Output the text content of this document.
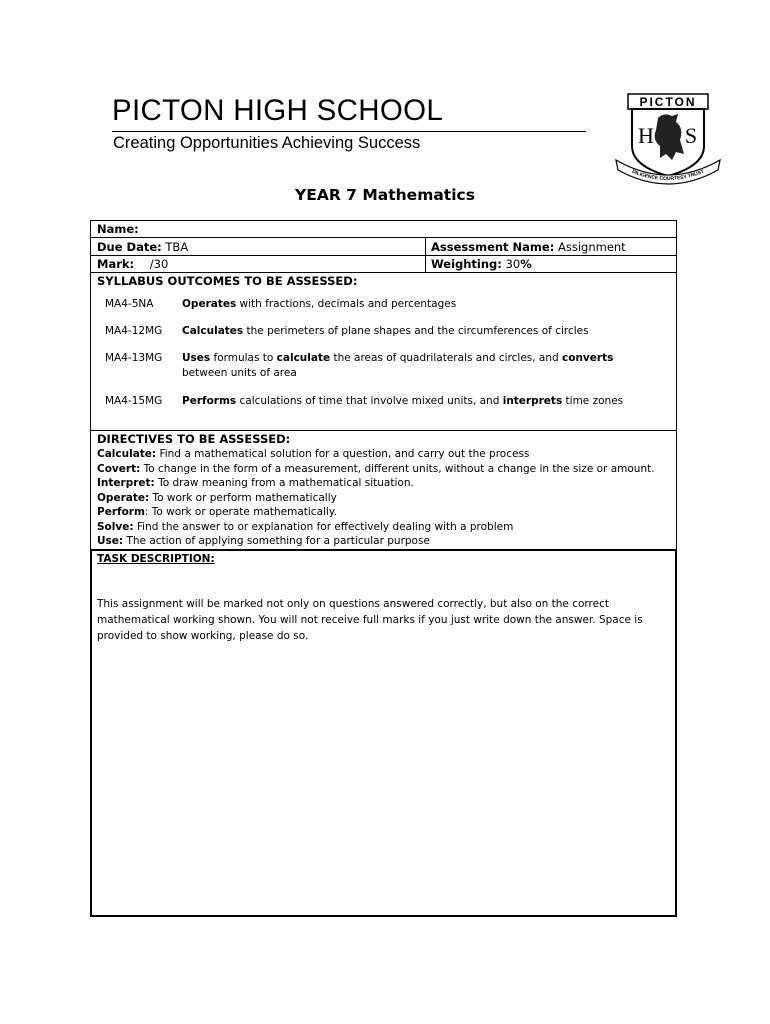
PICTON HIGH SCHOOL
Creating Opportunities Achieving Success
PICTON
H S
DILIGENCE COURTESY TRUST
YEAR 7 Mathematics
Name:
Due Date: TBA	Assessment Name: Assignment
Mark: /30	Weighting: 30%
SYLLABUS OUTCOMES TO BE ASSESSED:
MA4-5NA	Operates with fractions, decimals and percentages
MA4-12MG Calculates the perimeters of plane shapes and the circumferences of circles
MA4-13MG Uses formulas to calculate the areas of quadrilaterals and circles, and converts between units of area
MA4-15MG Performs calculations of time that involve mixed units, and interprets time zones
DIRECTIVES TO BE ASSESSED:
Calculate: Find a mathematical solution for a question, and carry out the process
Covert: To change in the form of a measurement, different units, without a change in the size or amount.
Interpret: To draw meaning from a mathematical situation.
Operate: To work or perform mathematically
Perform: To work or operate mathematically.
Solve: Find the answer to or explanation for effectively dealing with a problem
Use: The action of applying something for a particular purpose
TASK DESCRIPTION:
This assignment will be marked not only on questions answered correctly, but also on the correct mathematical working shown. You will not receive full marks if you just write down the answer. Space is provided to show working, please do so.
